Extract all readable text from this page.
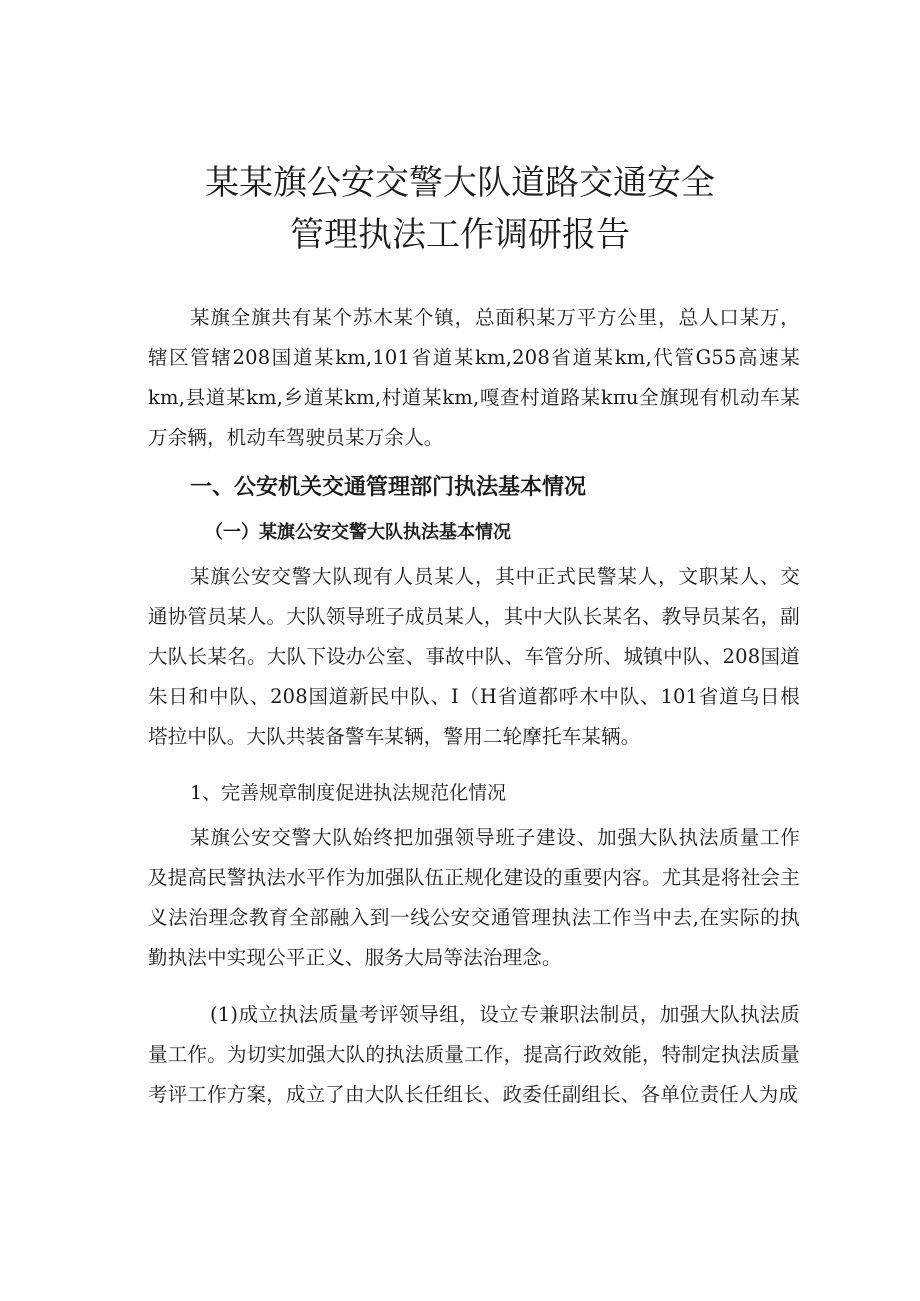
某某旗公安交警大队道路交通安全
管理执法工作调研报告

某旗全旗共有某个苏木某个镇，总面积某万平方公里，总人口某万，辖区管辖208国道某km,101省道某km,208省道某km,代管G55高速某km,县道某km,乡道某km,村道某km,嘎查村道路某kπu全旗现有机动车某万余辆，机动车驾驶员某万余人。

一、公安机关交通管理部门执法基本情况
（一）某旗公安交警大队执法基本情况

某旗公安交警大队现有人员某人，其中正式民警某人，文职某人、交通协管员某人。大队领导班子成员某人，其中大队长某名、教导员某名，副大队长某名。大队下设办公室、事故中队、车管分所、城镇中队、208国道朱日和中队、208国道新民中队、I（H省道都呼木中队、101省道乌日根塔拉中队。大队共装备警车某辆，警用二轮摩托车某辆。

1、完善规章制度促进执法规范化情况

某旗公安交警大队始终把加强领导班子建设、加强大队执法质量工作及提高民警执法水平作为加强队伍正规化建设的重要内容。尤其是将社会主义法治理念教育全部融入到一线公安交通管理执法工作当中去,在实际的执勤执法中实现公平正义、服务大局等法治理念。

(1)成立执法质量考评领导组，设立专兼职法制员，加强大队执法质量工作。为切实加强大队的执法质量工作，提高行政效能，特制定执法质量考评工作方案，成立了由大队长任组长、政委任副组长、各单位责任人为成
